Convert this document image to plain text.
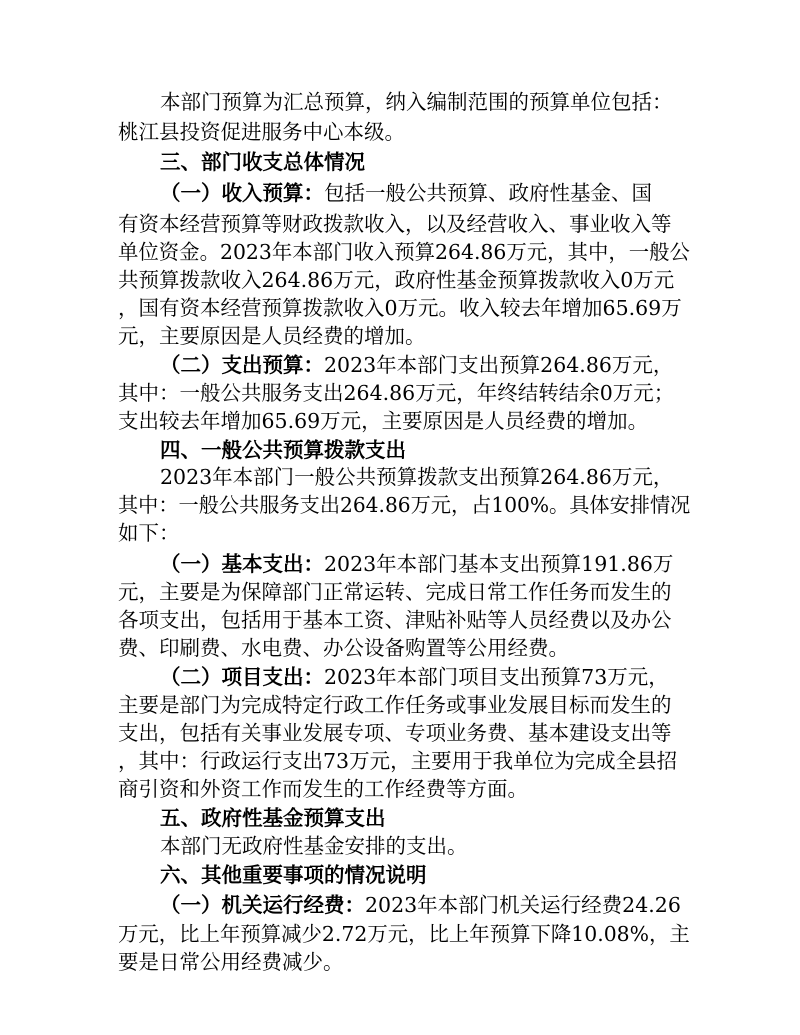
本部门预算为汇总预算，纳入编制范围的预算单位包括：
桃江县投资促进服务中心本级。
三、部门收支总体情况
（一）收入预算：包括一般公共预算、政府性基金、国
有资本经营预算等财政拨款收入，以及经营收入、事业收入等
单位资金。2023年本部门收入预算264.86万元，其中，一般公
共预算拨款收入264.86万元，政府性基金预算拨款收入0万元
，国有资本经营预算拨款收入0万元。收入较去年增加65.69万
元，主要原因是人员经费的增加。
（二）支出预算：2023年本部门支出预算264.86万元，
其中：一般公共服务支出264.86万元，年终结转结余0万元；
支出较去年增加65.69万元，主要原因是人员经费的增加。
四、一般公共预算拨款支出
2023年本部门一般公共预算拨款支出预算264.86万元，
其中：一般公共服务支出264.86万元，占100%。具体安排情况
如下：
（一）基本支出：2023年本部门基本支出预算191.86万
元，主要是为保障部门正常运转、完成日常工作任务而发生的
各项支出，包括用于基本工资、津贴补贴等人员经费以及办公
费、印刷费、水电费、办公设备购置等公用经费。
（二）项目支出：2023年本部门项目支出预算73万元，
主要是部门为完成特定行政工作任务或事业发展目标而发生的
支出，包括有关事业发展专项、专项业务费、基本建设支出等
，其中：行政运行支出73万元，主要用于我单位为完成全县招
商引资和外资工作而发生的工作经费等方面。
五、政府性基金预算支出
本部门无政府性基金安排的支出。
六、其他重要事项的情况说明
（一）机关运行经费：2023年本部门机关运行经费24.26
万元，比上年预算减少2.72万元，比上年预算下降10.08%，主
要是日常公用经费减少。
